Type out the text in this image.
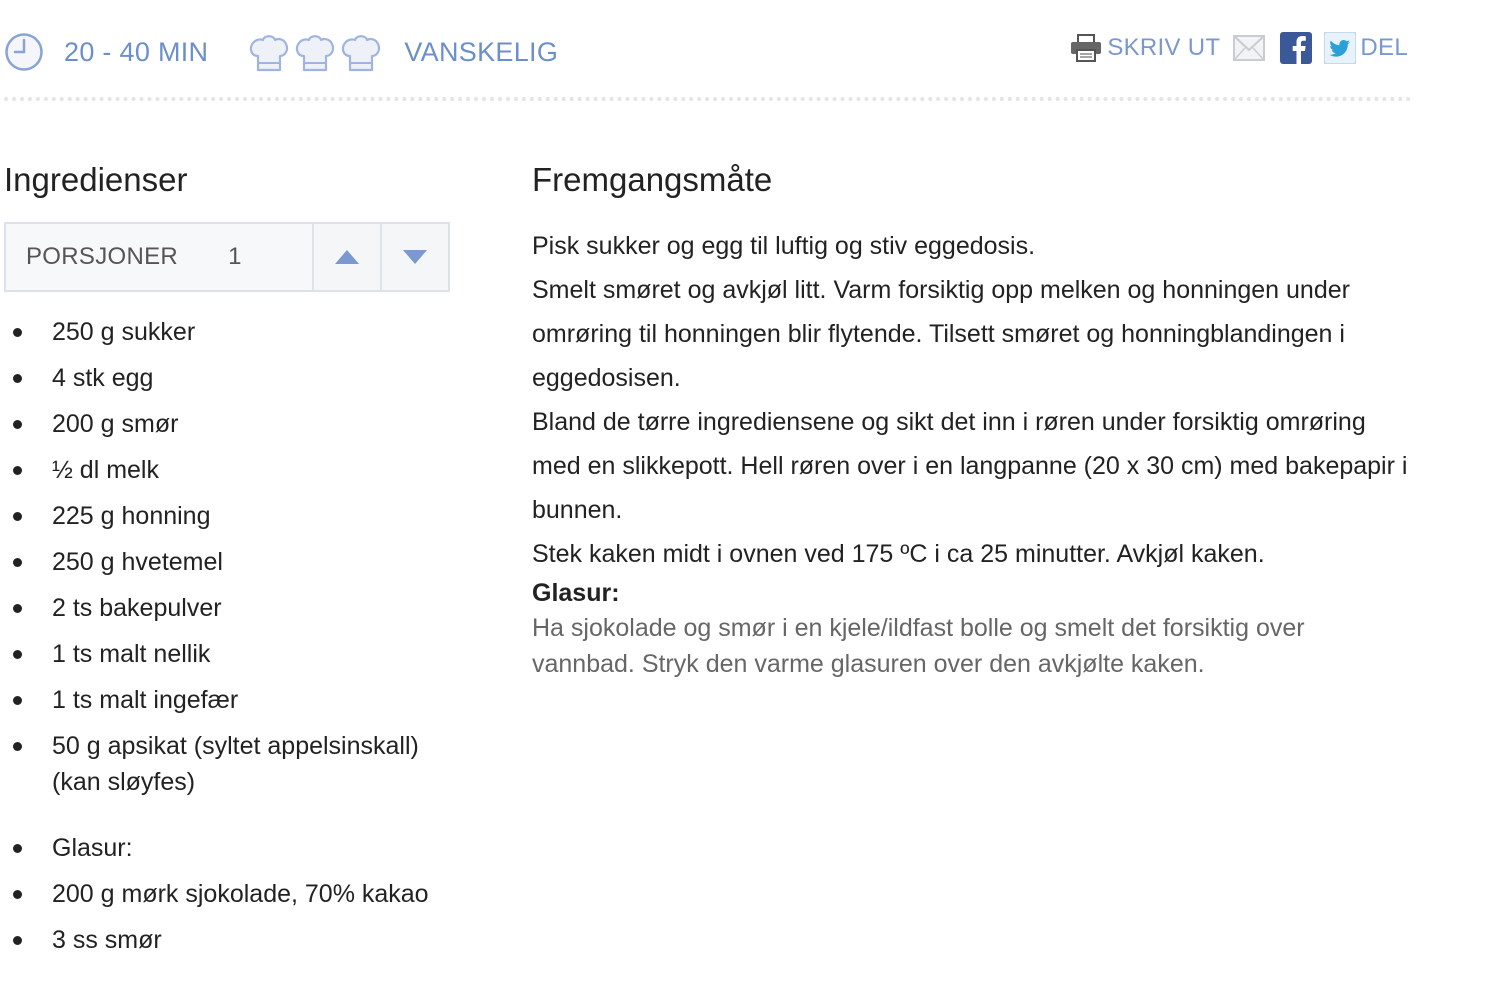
20 - 40 MIN	VANSKELIG	SKRIV UT	DEL
Ingredienser
PORSJONER 1
250 g sukker
4 stk egg
200 g smør
½ dl melk
225 g honning
250 g hvetemel
2 ts bakepulver
1 ts malt nellik
1 ts malt ingefær
50 g apsikat (syltet appelsinskall) (kan sløyfes)
Glasur:
200 g mørk sjokolade, 70% kakao
3 ss smør
Fremgangsmåte

Pisk sukker og egg til luftig og stiv eggedosis.

Smelt smøret og avkjøl litt. Varm forsiktig opp melken og honningen under omrøring til honningen blir flytende. Tilsett smøret og honningblandingen i eggedosisen.

Bland de tørre ingrediensene og sikt det inn i røren under forsiktig omrøring med en slikkepott. Hell røren over i en langpanne (20 x 30 cm) med bakepapir i bunnen.

Stek kaken midt i ovnen ved 175 ºC i ca 25 minutter. Avkjøl kaken.

Glasur:

Ha sjokolade og smør i en kjele/ildfast bolle og smelt det forsiktig over vannbad. Stryk den varme glasuren over den avkjølte kaken.
